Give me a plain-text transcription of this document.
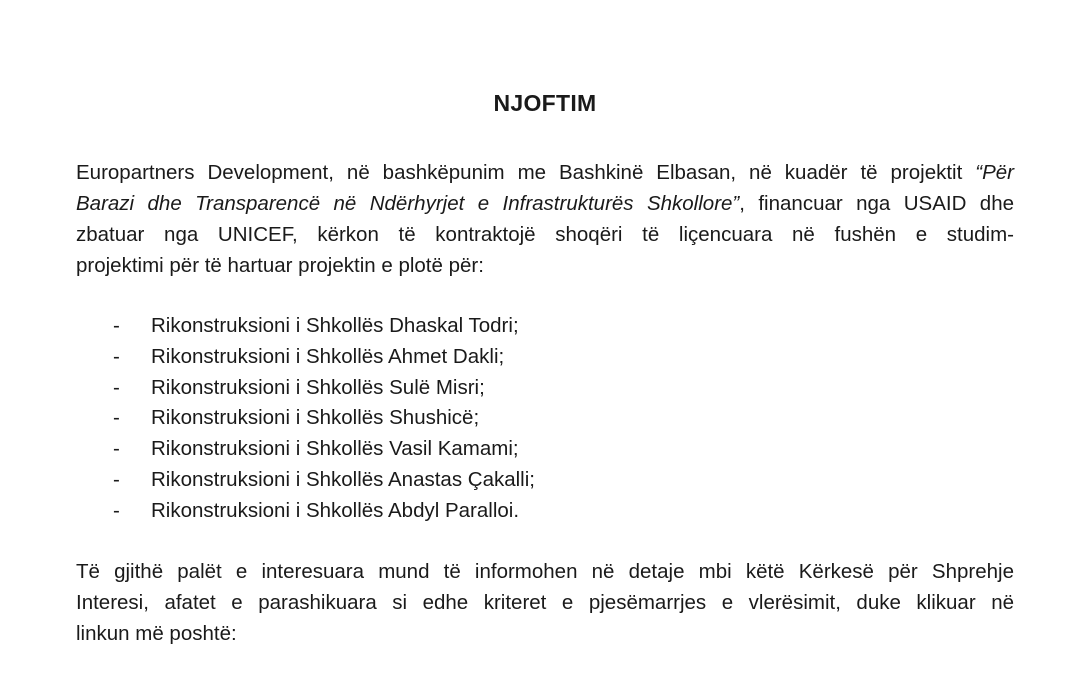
NJOFTIM
Europartners Development, në bashkëpunim me Bashkinë Elbasan, në kuadër të projektit “Për
Barazi dhe Transparencë në Ndërhyrjet e Infrastrukturës Shkollore”, financuar nga USAID dhe
zbatuar nga UNICEF, kërkon të kontraktojë shoqëri të liçencuara në fushën e studim-
projektimi për të hartuar projektin e plotë për:
- Rikonstruksioni i Shkollës Dhaskal Todri;
- Rikonstruksioni i Shkollës Ahmet Dakli;
- Rikonstruksioni i Shkollës Sulë Misri;
- Rikonstruksioni i Shkollës Shushicë;
- Rikonstruksioni i Shkollës Vasil Kamami;
- Rikonstruksioni i Shkollës Anastas Çakalli;
- Rikonstruksioni i Shkollës Abdyl Paralloi.
Të gjithë palët e interesuara mund të informohen në detaje mbi këtë Kërkesë për Shprehje
Interesi, afatet e parashikuara si edhe kriteret e pjesëmarrjes e vlerësimit, duke klikuar në
linkun më poshtë:
